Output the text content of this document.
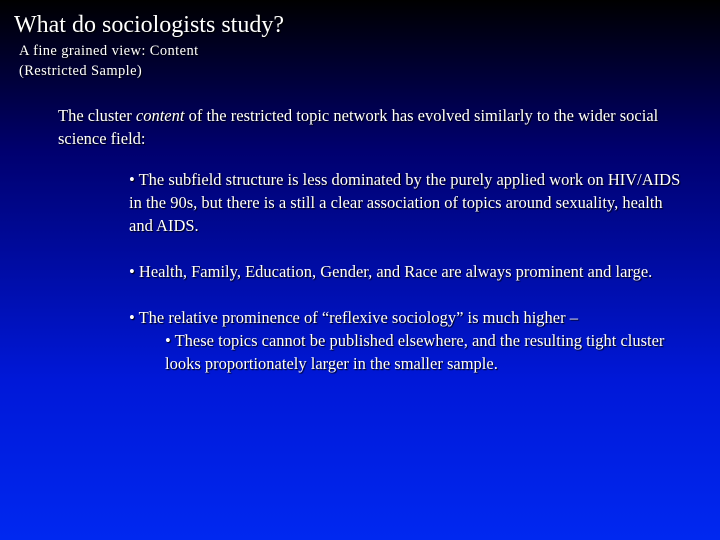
What do sociologists study?
A fine grained view: Content
(Restricted Sample)

The cluster content of the restricted topic network has evolved similarly to the wider social science field:

• The subfield structure is less dominated by the purely applied work on HIV/AIDS in the 90s, but there is a still a clear association of topics around sexuality, health and AIDS.

• Health, Family, Education, Gender, and Race are always prominent and large.

• The relative prominence of “reflexive sociology” is much higher –
• These topics cannot be published elsewhere, and the resulting tight cluster looks proportionately larger in the smaller sample.
